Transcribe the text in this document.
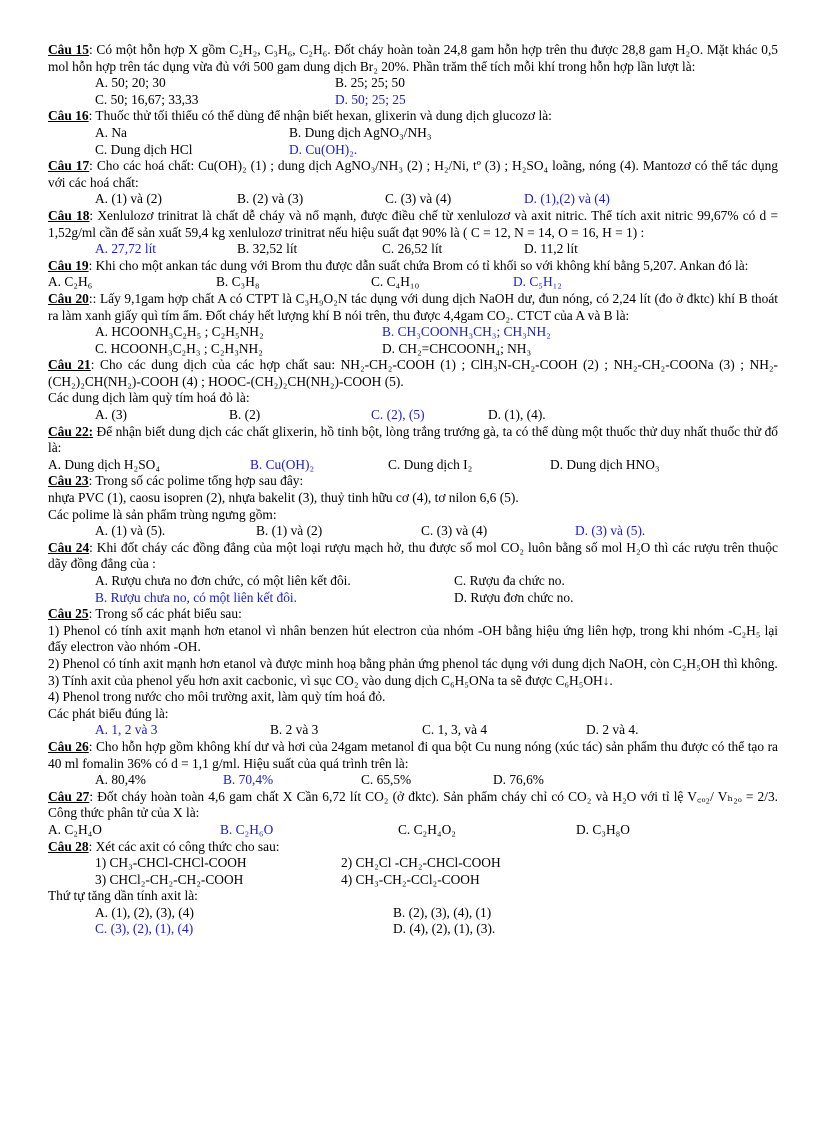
Câu 15: Có một hỗn hợp X gồm C₂H₂, C₃H₆, C₂H₆. Đốt cháy hoàn toàn 24,8 gam hỗn hợp trên thu được 28,8 gam H₂O. Mặt khác 0,5 mol hỗn hợp trên tác dụng vừa đủ với 500 gam dung dịch Br₂ 20%. Phần trăm thể tích mỗi khí trong hỗn hợp lần lượt là:

A. 50; 20; 30	B. 25; 25; 50
C. 50; 16,67; 33,33	D. 50; 25; 25

Câu 16: Thuốc thử tối thiểu có thể dùng để nhận biết hexan, glixerin và dung dịch glucozơ là:

A. Na	B. Dung dịch AgNO₃/NH₃
C. Dung dịch HCl	D. Cu(OH)₂.

Câu 17: Cho các hoá chất: Cu(OH)₂ (1) ; dung dịch AgNO₃/NH₃ (2) ; H₂/Ni, tº (3) ; H₂SO₄ loãng, nóng (4). Mantozơ có thể tác dụng với các hoá chất:

A. (1) và (2)	B. (2) và (3)	C. (3) và (4)	D. (1),(2) và (4)

Câu 18: Xenlulozơ trinitrat là chất dễ cháy và nổ mạnh, được điều chế từ xenlulozơ và axit nitric. Thể tích axit nitric 99,67% có d = 1,52g/ml cần để sản xuất 59,4 kg xenlulozơ trinitrat nếu hiệu suất đạt 90% là ( C = 12, N = 14, O = 16, H = 1) :

A. 27,72 lít	B. 32,52 lít	C. 26,52 lít	D. 11,2 lít

Câu 19: Khi cho một ankan tác dung với Brom thu được dẫn suất chứa Brom có tỉ khối so với không khí bằng 5,207. Ankan đó là:

A. C₂H₆	B. C₃H₈	C. C₄H₁₀	D. C₅H₁₂

Câu 20:: Lấy 9,1gam hợp chất A có CTPT là C₃H₉O₂N tác dụng với dung dịch NaOH dư, đun nóng, có 2,24 lít (đo ở đktc) khí B thoát ra làm xanh giấy quì tím ẩm. Đốt cháy hết lượng khí B nói trên, thu được 4,4gam CO₂. CTCT của A và B là:

A. HCOONH₃C₂H₅ ; C₂H₅NH₂	B. CH₃COONH₃CH₃; CH₃NH₂
C. HCOONH₃C₂H₃ ; C₂H₃NH₂	D. CH₂=CHCOONH₄; NH₃

Câu 21: Cho các dung dịch của các hợp chất sau: NH₂-CH₂-COOH (1) ; ClH₃N-CH₂-COOH (2) ; NH₂-CH₂-COONa (3) ; NH₂-(CH₂)₂CH(NH₂)-COOH (4) ; HOOC-(CH₂)₂CH(NH₂)-COOH (5).

Các dung dịch làm quỳ tím hoá đỏ là:

A. (3)	B. (2)	C. (2), (5)	D. (1), (4).

Câu 22: Để nhận biết dung dịch các chất glixerin, hồ tinh bột, lòng trắng trướng gà, ta có thể dùng một thuốc thử duy nhất thuốc thử đố là:

A. Dung dịch H₂SO₄	B. Cu(OH)₂	C. Dung dịch I₂	D. Dung dịch HNO₃

Câu 23: Trong số các polime tổng hợp sau đây:

nhựa PVC (1), caosu isopren (2), nhựa bakelit (3), thuỷ tinh hữu cơ (4), tơ nilon 6,6 (5).

Các polime là sản phẩm trùng ngưng gồm:

A. (1) và (5).	B. (1) và (2)	C. (3) và (4)	D. (3) và (5).

Câu 24: Khi đốt cháy các đồng đẳng của một loại rượu mạch hở, thu được số mol CO₂ luôn bằng số mol H₂O thì các rượu trên thuộc dãy đồng đẳng của :

A. Rượu chưa no đơn chức, có một liên kết đôi.	C. Rượu đa chức no.
B. Rượu chưa no, có một liên kết đôi.	D. Rượu đơn chức no.

Câu 25: Trong số các phát biểu sau:

1) Phenol có tính axit mạnh hơn etanol vì nhân benzen hút electron của nhóm -OH bằng hiệu ứng liên hợp, trong khi nhóm -C₂H₅ lại đẩy electron vào nhóm -OH.

2) Phenol có tính axit mạnh hơn etanol và được minh hoạ bằng phản ứng phenol tác dụng với dung dịch NaOH, còn C₂H₅OH thì không.

3) Tính axit của phenol yếu hơn axit cacbonic, vì sục CO₂ vào dung dịch C₆H₅ONa ta sẽ được C₆H₅OH↓.

4) Phenol trong nước cho môi trường axit, làm quỳ tím hoá đỏ.

Các phát biểu đúng là:

A. 1, 2 và 3	B. 2 và 3	C. 1, 3, và 4	D. 2 và 4.

Câu 26: Cho hỗn hợp gồm không khí dư và hơi của 24gam metanol đi qua bột Cu nung nóng (xúc tác) sản phẩm thu được có thể tạo ra 40 ml fomalin 36% có d = 1,1 g/ml. Hiệu suất của quá trình trên là:

A. 80,4%	B. 70,4%	C. 65,5%	D. 76,6%

Câu 27: Đốt cháy hoàn toàn 4,6 gam chất X Cần 6,72 lít CO₂ (ở đktc). Sản phẩm cháy chỉ có CO₂ và H₂O với tỉ lệ V꜀ₒ₂/ Vₕ₂ₒ = 2/3. Công thức phân tử của X là:

A. C₂H₄O	B. C₂H₆O	C. C₂H₄O₂	D. C₃H₈O

Câu 28: Xét các axit có công thức cho sau:

1) CH₃-CHCl-CHCl-COOH	2) CH₂Cl -CH₂-CHCl-COOH
3) CHCl₂-CH₂-CH₂-COOH	4) CH₃-CH₂-CCl₂-COOH

Thứ tự tăng dần tính axit là:

A. (1), (2), (3), (4)	B. (2), (3), (4), (1)
C. (3), (2), (1), (4)	D. (4), (2), (1), (3).
